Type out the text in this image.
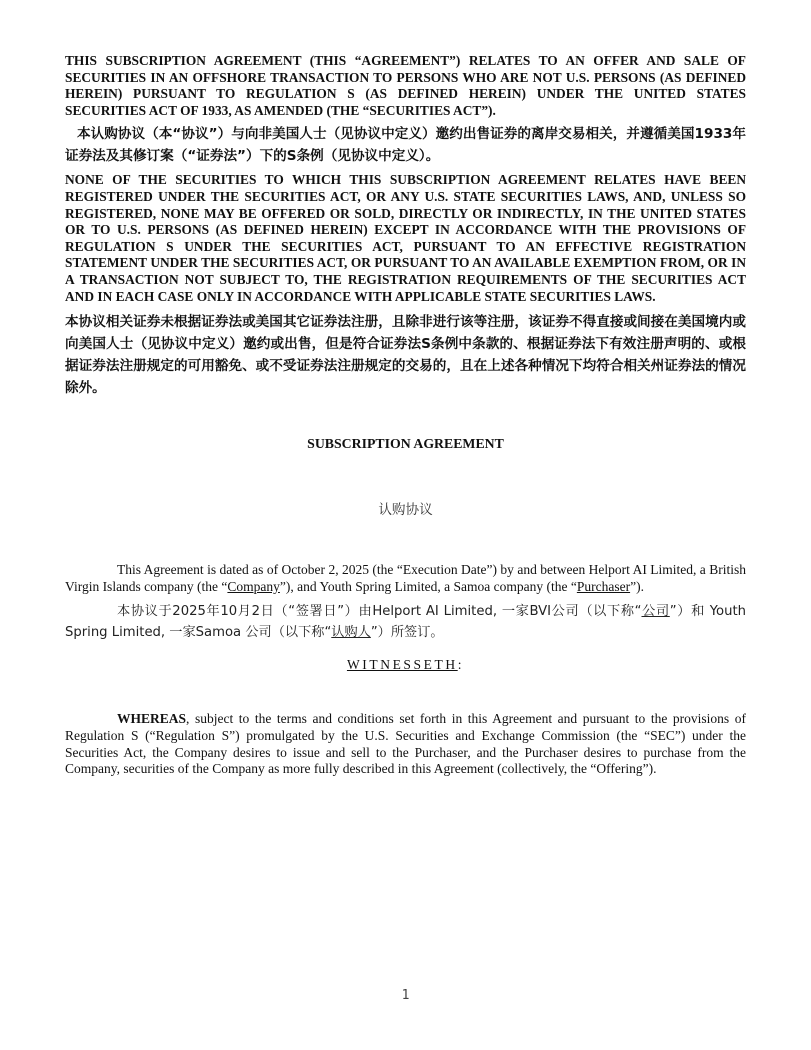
THIS SUBSCRIPTION AGREEMENT (THIS “AGREEMENT”) RELATES TO AN OFFER AND SALE OF SECURITIES IN AN OFFSHORE TRANSACTION TO PERSONS WHO ARE NOT U.S. PERSONS (AS DEFINED HEREIN) PURSUANT TO REGULATION S (AS DEFINED HEREIN) UNDER THE UNITED STATES SECURITIES ACT OF 1933, AS AMENDED (THE “SECURITIES ACT”).

本认购协议（本“协议”）与向非美国人士（见协议中定义）邀约出售证券的离岸交易相关，并遵循美国1933年证券法及其修订案（“证券法”）下的S条例（见协议中定义）。

NONE OF THE SECURITIES TO WHICH THIS SUBSCRIPTION AGREEMENT RELATES HAVE BEEN REGISTERED UNDER THE SECURITIES ACT, OR ANY U.S. STATE SECURITIES LAWS, AND, UNLESS SO REGISTERED, NONE MAY BE OFFERED OR SOLD, DIRECTLY OR INDIRECTLY, IN THE UNITED STATES OR TO U.S. PERSONS (AS DEFINED HEREIN) EXCEPT IN ACCORDANCE WITH THE PROVISIONS OF REGULATION S UNDER THE SECURITIES ACT, PURSUANT TO AN EFFECTIVE REGISTRATION STATEMENT UNDER THE SECURITIES ACT, OR PURSUANT TO AN AVAILABLE EXEMPTION FROM, OR IN A TRANSACTION NOT SUBJECT TO, THE REGISTRATION REQUIREMENTS OF THE SECURITIES ACT AND IN EACH CASE ONLY IN ACCORDANCE WITH APPLICABLE STATE SECURITIES LAWS.

本协议相关证券未根据证券法或美国其它证券法注册，且除非进行该等注册，该证券不得直接或间接在美国境内或向美国人士（见协议中定义）邀约或出售，但是符合证券法S条例中条款的、根据证券法下有效注册声明的、或根据证券法注册规定的可用豁免、或不受证券法注册规定的交易的，且在上述各种情况下均符合相关州证券法的情况除外。

SUBSCRIPTION AGREEMENT

认购协议

This Agreement is dated as of October 2, 2025 (the “Execution Date”) by and between Helport AI Limited, a British Virgin Islands company (the “Company”), and Youth Spring Limited, a Samoa company (the “Purchaser”).

本协议于2025年10月2日（“签署日”）由Helport AI Limited, 一家BVI公司（以下称“公司”）和 Youth Spring Limited, 一家Samoa 公司（以下称“认购人”）所签订。

WITNESSETH:

WHEREAS, subject to the terms and conditions set forth in this Agreement and pursuant to the provisions of Regulation S (“Regulation S”) promulgated by the U.S. Securities and Exchange Commission (the “SEC”) under the Securities Act, the Company desires to issue and sell to the Purchaser, and the Purchaser desires to purchase from the Company, securities of the Company as more fully described in this Agreement (collectively, the “Offering”).

1
